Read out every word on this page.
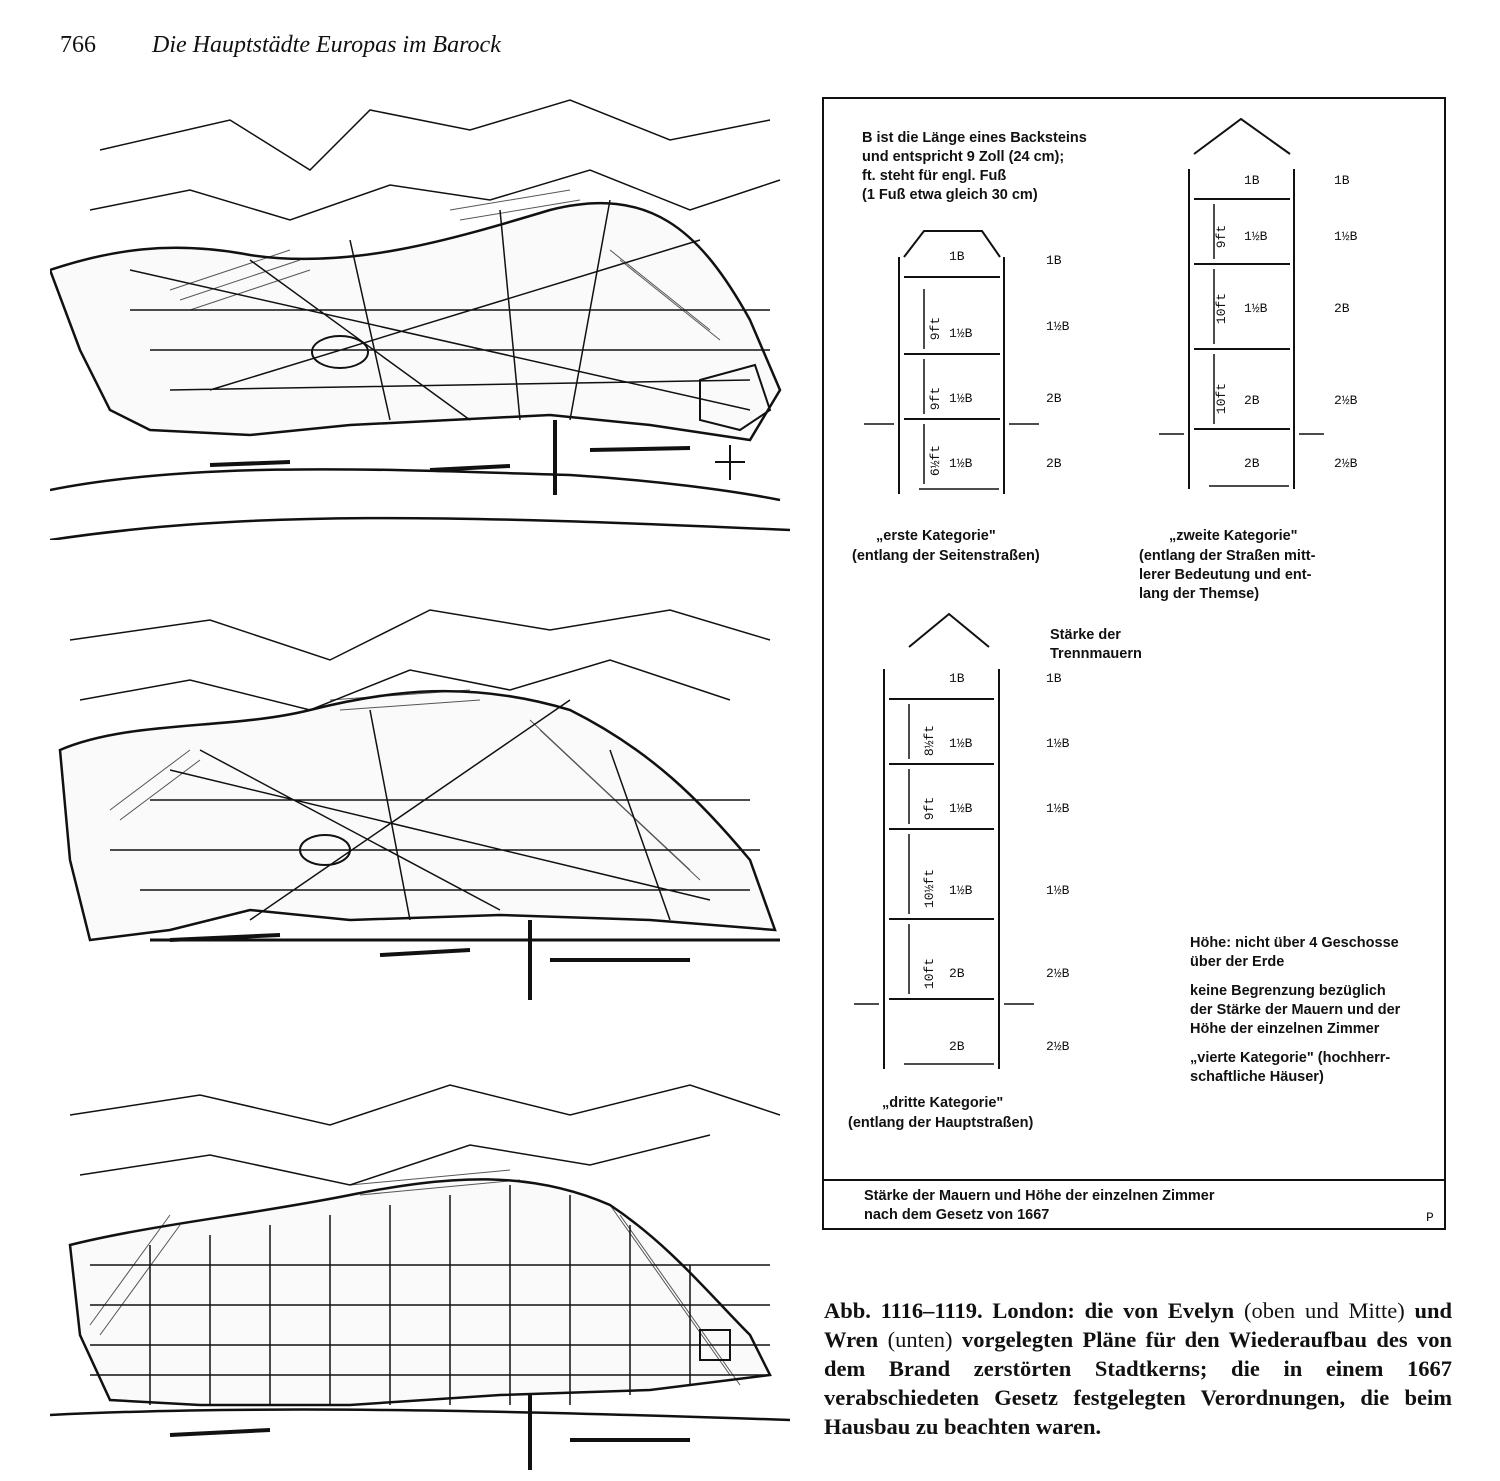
766 Die Hauptstädte Europas im Barock
B ist die Länge eines Backsteins
und entspricht 9 Zoll (24 cm);
ft. steht für engl. Fuß
(1 Fuß etwa gleich 30 cm)
1B
1½B
1½B
1½B
9ft
9ft
6½ft
1B
1½B
2B
2B
„erste Kategorie"
(entlang der Seitenstraßen)
1B
1½B
1½B
2B
2B
9ft
10ft
10ft
1B
1½B
2B
2½B
2½B
„zweite Kategorie"
(entlang der Straßen mitt-
lerer Bedeutung und ent-
lang der Themse)
1B
1½B
1½B
1½B
2B
2B
8½ft
9ft
10½ft
10ft
1B
1½B
1½B
1½B
2½B
2½B
Stärke der
Trennmauern
„dritte Kategorie"
(entlang der Hauptstraßen)
Höhe: nicht über 4 Geschosse
über der Erde
keine Begrenzung bezüglich
der Stärke der Mauern und der
Höhe der einzelnen Zimmer
„vierte Kategorie" (hochherr-
schaftliche Häuser)
Stärke der Mauern und Höhe der einzelnen Zimmer
nach dem Gesetz von 1667	P
Abb. 1116–1119. London: die von Evelyn (oben und Mitte) und Wren (unten) vorgelegten Pläne für den Wiederaufbau des von dem Brand zerstörten Stadtkerns; die in einem 1667 verabschiedeten Gesetz festgelegten Verordnungen, die beim Hausbau zu beachten waren.
